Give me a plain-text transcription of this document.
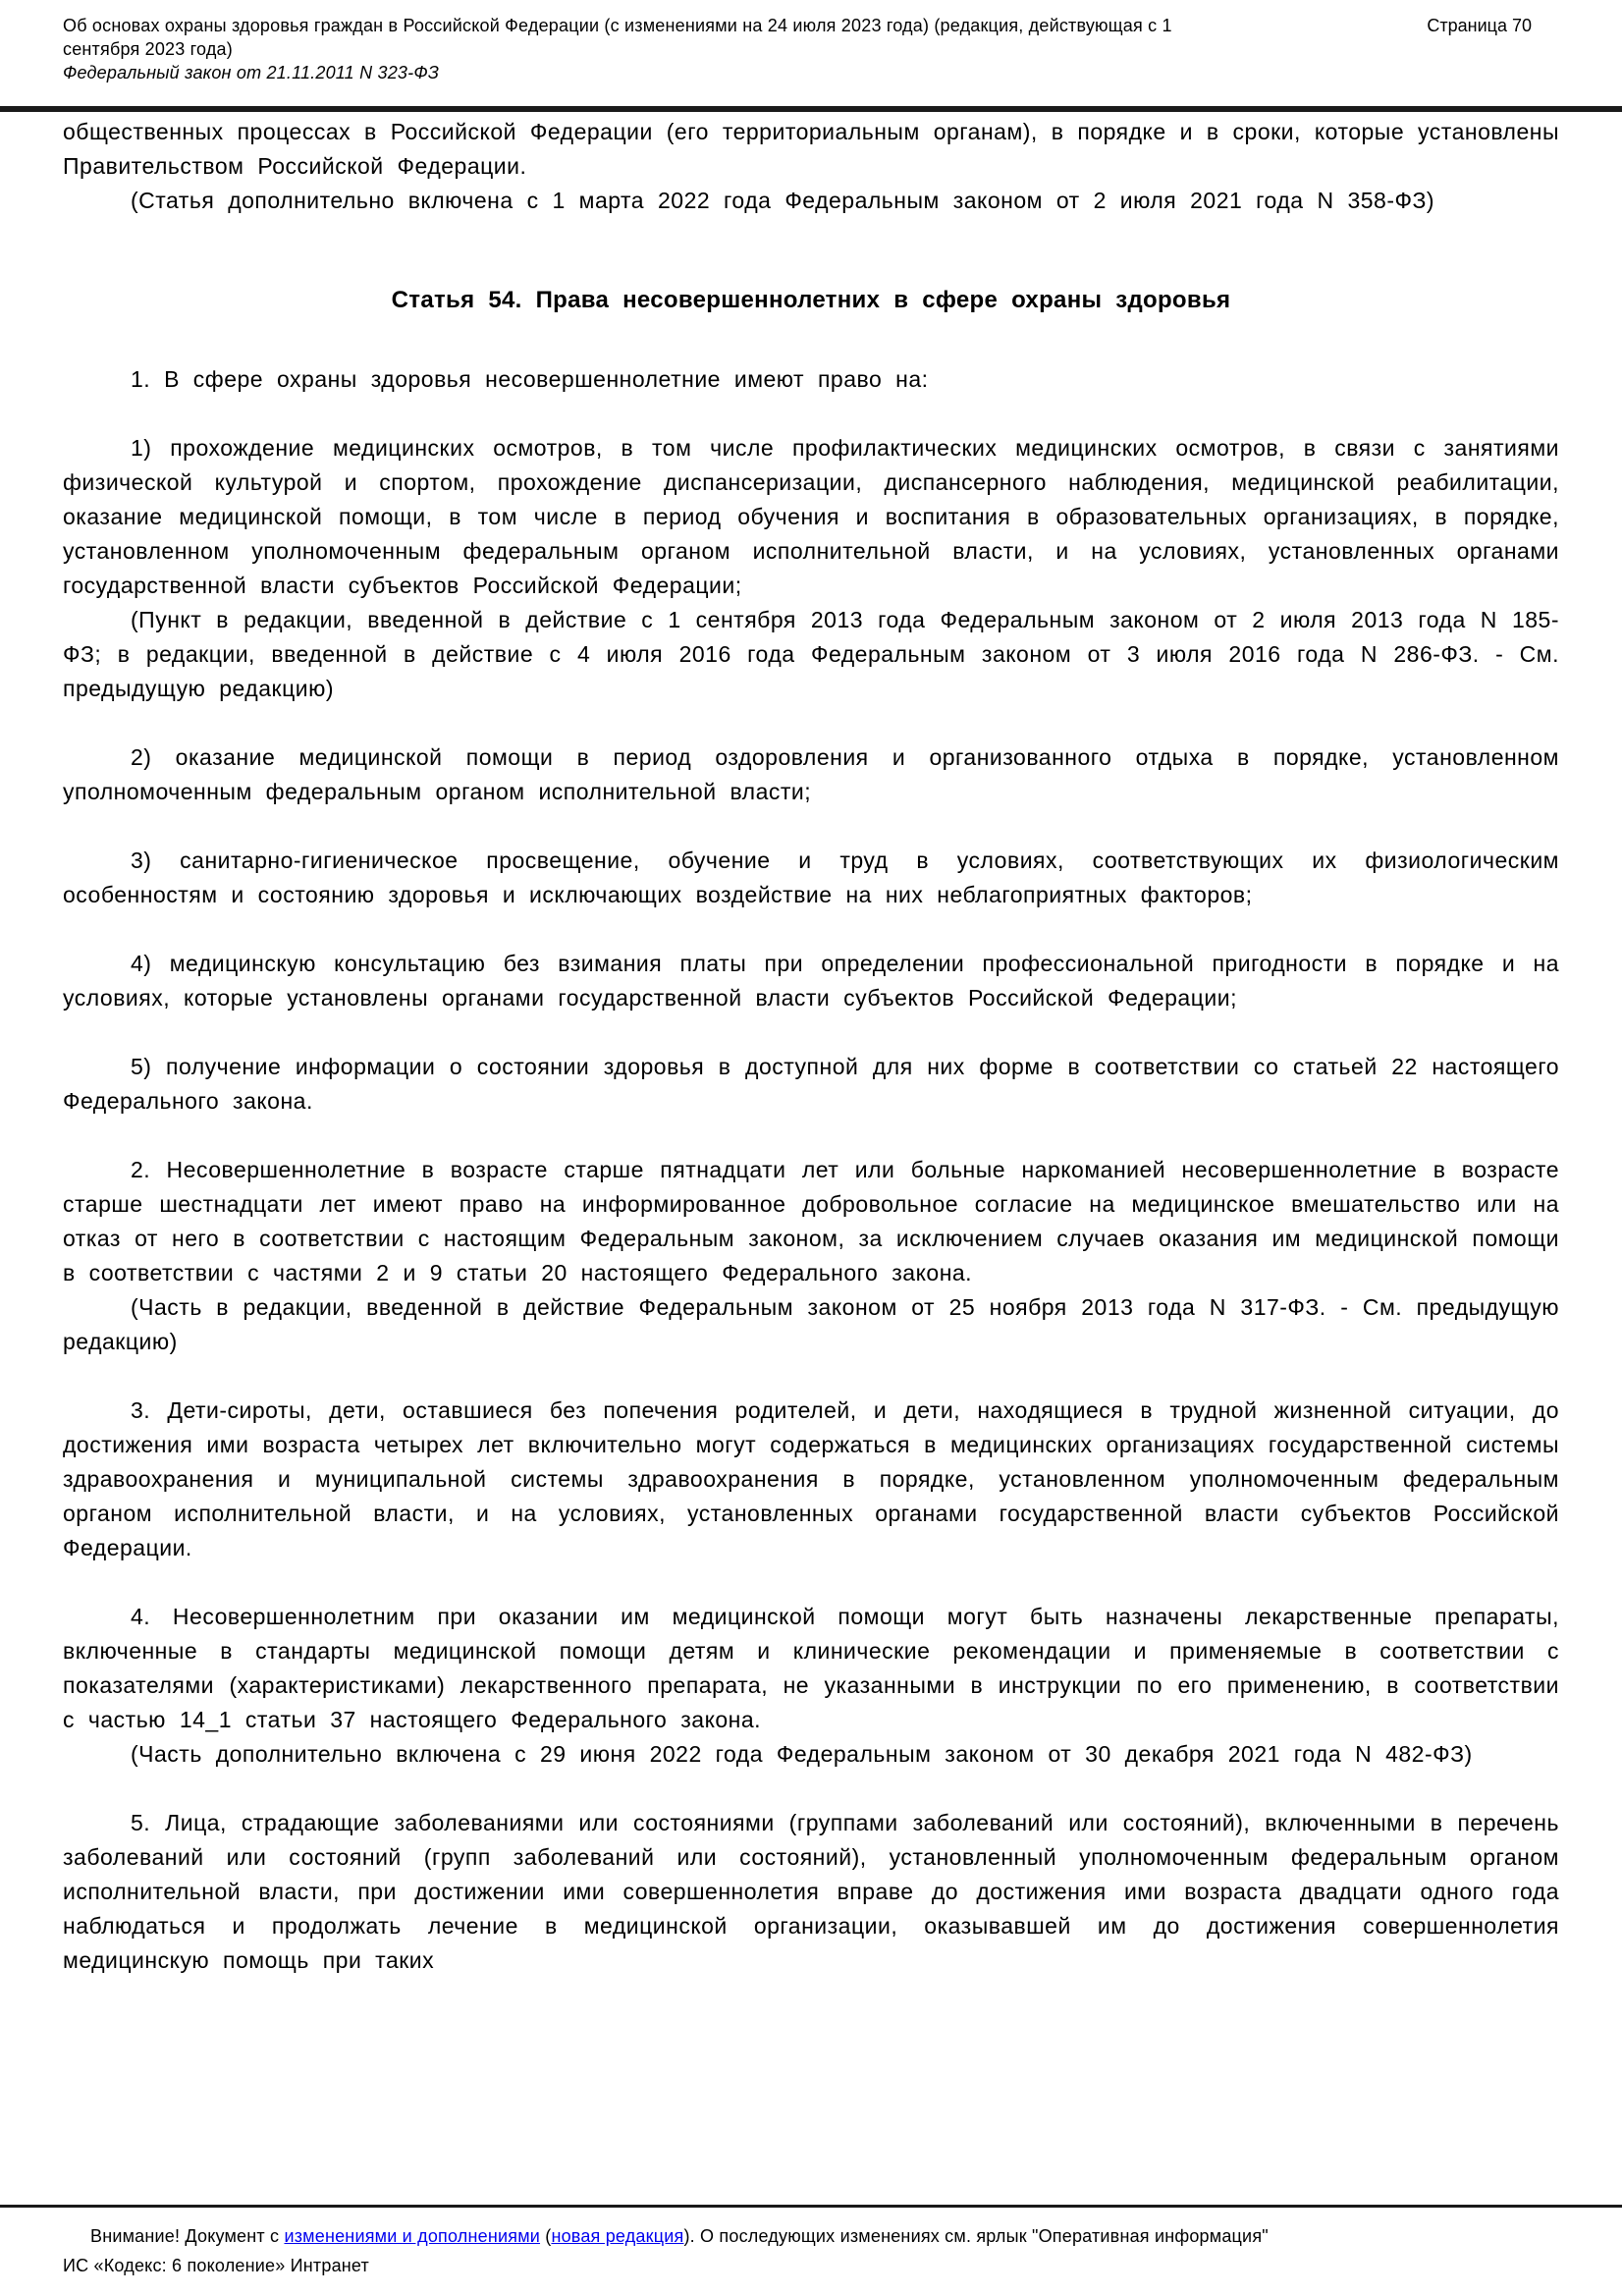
Об основах охраны здоровья граждан в Российской Федерации (с изменениями на 24 июля 2023 года) (редакция, действующая с 1 сентября 2023 года)
Страница 70
Федеральный закон от 21.11.2011 N 323-ФЗ

общественных процессах в Российской Федерации (его территориальным органам), в порядке и в сроки, которые установлены Правительством Российской Федерации.

(Статья дополнительно включена с 1 марта 2022 года Федеральным законом от 2 июля 2021 года N 358-ФЗ)

Статья 54. Права несовершеннолетних в сфере охраны здоровья

1. В сфере охраны здоровья несовершеннолетние имеют право на:

1) прохождение медицинских осмотров, в том числе профилактических медицинских осмотров, в связи с занятиями физической культурой и спортом, прохождение диспансеризации, диспансерного наблюдения, медицинской реабилитации, оказание медицинской помощи, в том числе в период обучения и воспитания в образовательных организациях, в порядке, установленном уполномоченным федеральным органом исполнительной власти, и на условиях, установленных органами государственной власти субъектов Российской Федерации;

(Пункт в редакции, введенной в действие с 1 сентября 2013 года Федеральным законом от 2 июля 2013 года N 185-ФЗ; в редакции, введенной в действие с 4 июля 2016 года Федеральным законом от 3 июля 2016 года N 286-ФЗ. - См. предыдущую редакцию)

2) оказание медицинской помощи в период оздоровления и организованного отдыха в порядке, установленном уполномоченным федеральным органом исполнительной власти;

3) санитарно-гигиеническое просвещение, обучение и труд в условиях, соответствующих их физиологическим особенностям и состоянию здоровья и исключающих воздействие на них неблагоприятных факторов;

4) медицинскую консультацию без взимания платы при определении профессиональной пригодности в порядке и на условиях, которые установлены органами государственной власти субъектов Российской Федерации;

5) получение информации о состоянии здоровья в доступной для них форме в соответствии со статьей 22 настоящего Федерального закона.

2. Несовершеннолетние в возрасте старше пятнадцати лет или больные наркоманией несовершеннолетние в возрасте старше шестнадцати лет имеют право на информированное добровольное согласие на медицинское вмешательство или на отказ от него в соответствии с настоящим Федеральным законом, за исключением случаев оказания им медицинской помощи в соответствии с частями 2 и 9 статьи 20 настоящего Федерального закона.

(Часть в редакции, введенной в действие Федеральным законом от 25 ноября 2013 года N 317-ФЗ. - См. предыдущую редакцию)

3. Дети-сироты, дети, оставшиеся без попечения родителей, и дети, находящиеся в трудной жизненной ситуации, до достижения ими возраста четырех лет включительно могут содержаться в медицинских организациях государственной системы здравоохранения и муниципальной системы здравоохранения в порядке, установленном уполномоченным федеральным органом исполнительной власти, и на условиях, установленных органами государственной власти субъектов Российской Федерации.

4. Несовершеннолетним при оказании им медицинской помощи могут быть назначены лекарственные препараты, включенные в стандарты медицинской помощи детям и клинические рекомендации и применяемые в соответствии с показателями (характеристиками) лекарственного препарата, не указанными в инструкции по его применению, в соответствии с частью 14_1 статьи 37 настоящего Федерального закона.

(Часть дополнительно включена с 29 июня 2022 года Федеральным законом от 30 декабря 2021 года N 482-ФЗ)

5. Лица, страдающие заболеваниями или состояниями (группами заболеваний или состояний), включенными в перечень заболеваний или состояний (групп заболеваний или состояний), установленный уполномоченным федеральным органом исполнительной власти, при достижении ими совершеннолетия вправе до достижения ими возраста двадцати одного года наблюдаться и продолжать лечение в медицинской организации, оказывавшей им до достижения совершеннолетия медицинскую помощь при таких

Внимание! Документ с изменениями и дополнениями (новая редакция). О последующих изменениях см. ярлык "Оперативная информация"
ИС «Кодекс: 6 поколение» Интранет
